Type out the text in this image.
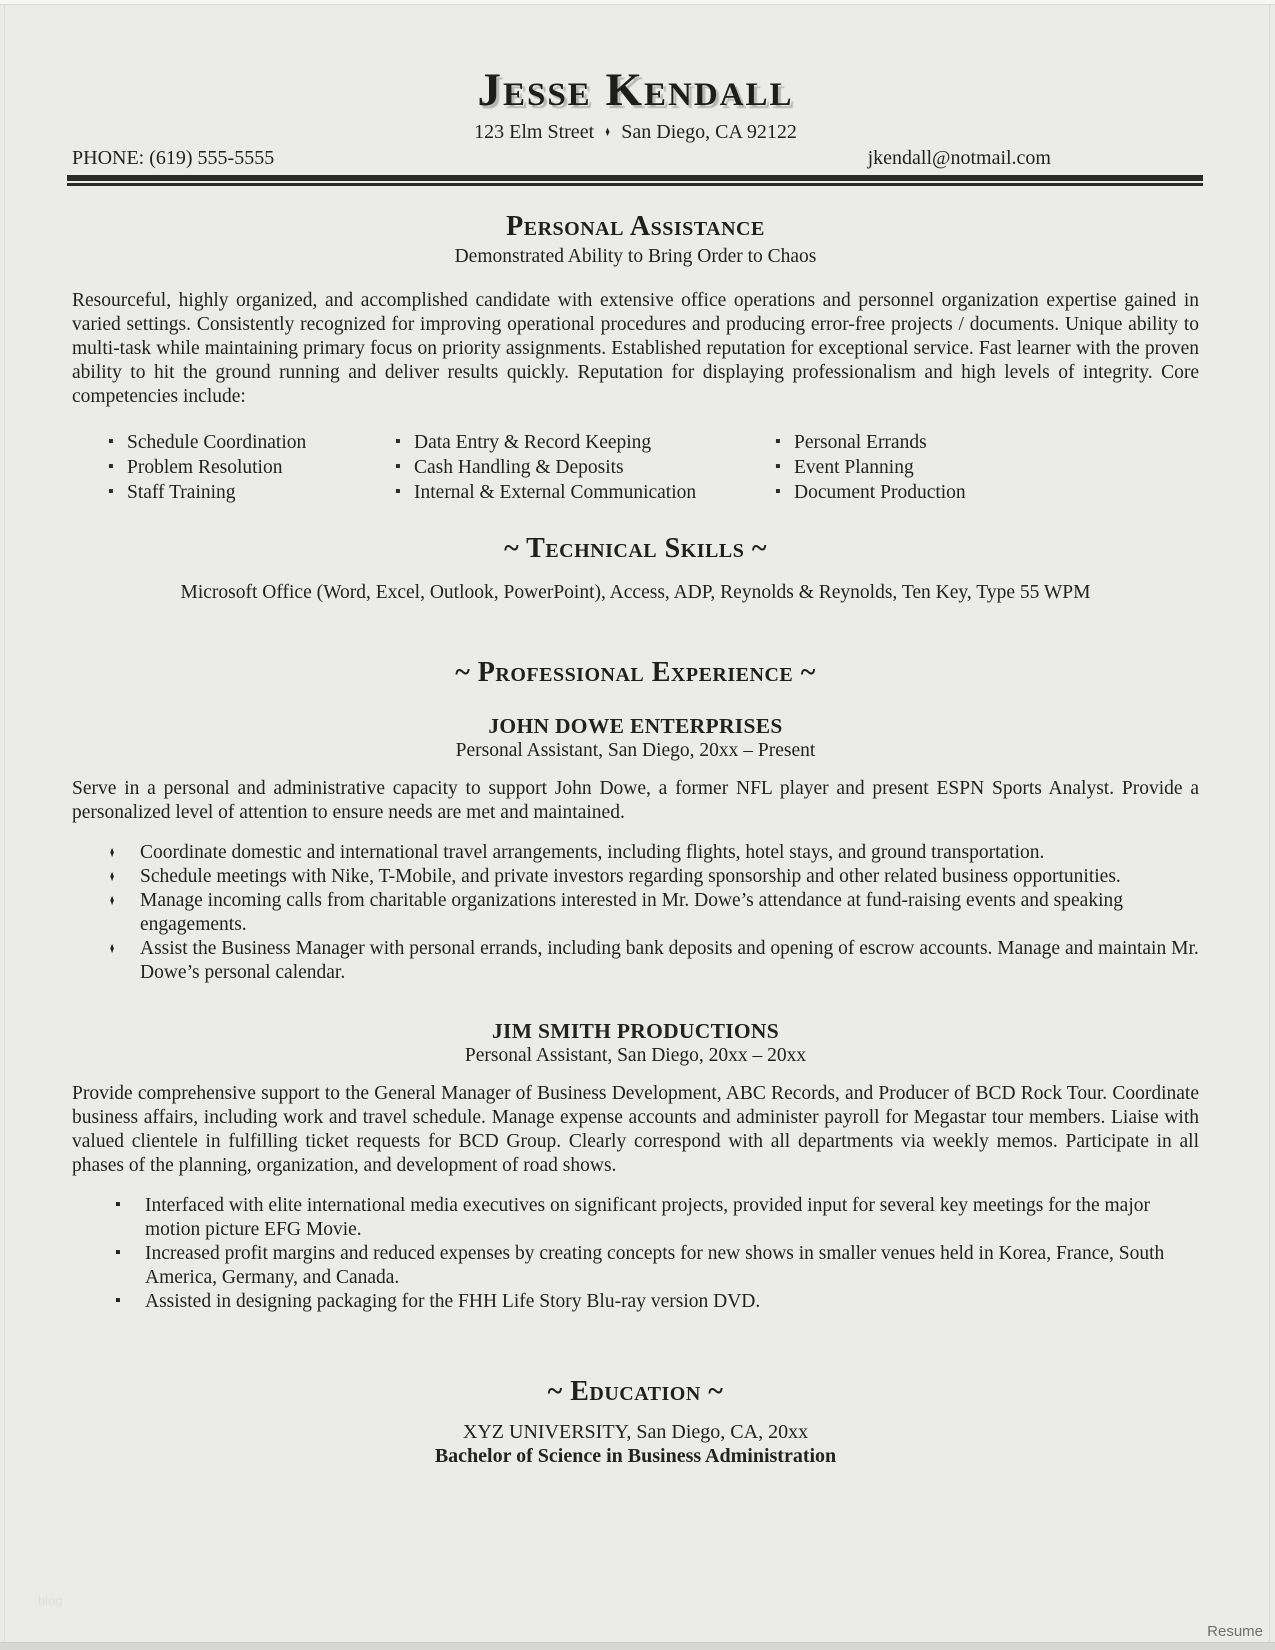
Jesse Kendall
123 Elm Street ♦ San Diego, CA 92122
PHONE: (619) 555-5555	jkendall@notmail.com
Personal Assistance
Demonstrated Ability to Bring Order to Chaos

Resourceful, highly organized, and accomplished candidate with extensive office operations and personnel organization expertise gained in varied settings. Consistently recognized for improving operational procedures and producing error-free projects / documents. Unique ability to multi-task while maintaining primary focus on priority assignments. Established reputation for exceptional service. Fast learner with the proven ability to hit the ground running and deliver results quickly. Reputation for displaying professionalism and high levels of integrity. Core competencies include:

▪ Schedule Coordination
▪ Problem Resolution
▪ Staff Training
▪ Data Entry & Record Keeping
▪ Cash Handling & Deposits
▪ Internal & External Communication
▪ Personal Errands
▪ Event Planning
▪ Document Production
~ Technical Skills ~
Microsoft Office (Word, Excel, Outlook, PowerPoint), Access, ADP, Reynolds & Reynolds, Ten Key, Type 55 WPM
~ Professional Experience ~
JOHN DOWE ENTERPRISES
Personal Assistant, San Diego, 20xx – Present

Serve in a personal and administrative capacity to support John Dowe, a former NFL player and present ESPN Sports Analyst. Provide a personalized level of attention to ensure needs are met and maintained.

♦ Coordinate domestic and international travel arrangements, including flights, hotel stays, and ground transportation.
♦ Schedule meetings with Nike, T-Mobile, and private investors regarding sponsorship and other related business opportunities.
♦ Manage incoming calls from charitable organizations interested in Mr. Dowe’s attendance at fund-raising events and speaking engagements.
♦ Assist the Business Manager with personal errands, including bank deposits and opening of escrow accounts. Manage and maintain Mr. Dowe’s personal calendar.
JIM SMITH PRODUCTIONS
Personal Assistant, San Diego, 20xx – 20xx

Provide comprehensive support to the General Manager of Business Development, ABC Records, and Producer of BCD Rock Tour. Coordinate business affairs, including work and travel schedule. Manage expense accounts and administer payroll for Megastar tour members. Liaise with valued clientele in fulfilling ticket requests for BCD Group. Clearly correspond with all departments via weekly memos. Participate in all phases of the planning, organization, and development of road shows.

▪ Interfaced with elite international media executives on significant projects, provided input for several key meetings for the major motion picture EFG Movie.
▪ Increased profit margins and reduced expenses by creating concepts for new shows in smaller venues held in Korea, France, South America, Germany, and Canada.
▪ Assisted in designing packaging for the FHH Life Story Blu-ray version DVD.
~ Education ~
XYZ UNIVERSITY, San Diego, CA, 20xx
Bachelor of Science in Business Administration
blog
Resume
